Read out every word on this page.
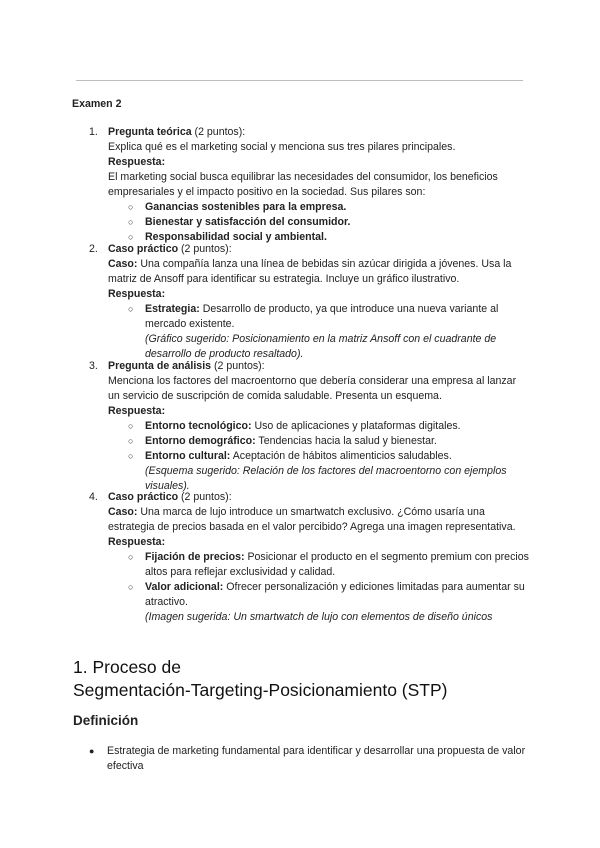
Examen 2
1. Pregunta teórica (2 puntos):
Explica qué es el marketing social y menciona sus tres pilares principales.
Respuesta:
El marketing social busca equilibrar las necesidades del consumidor, los beneficios empresariales y el impacto positivo en la sociedad. Sus pilares son:
○ Ganancias sostenibles para la empresa.
○ Bienestar y satisfacción del consumidor.
○ Responsabilidad social y ambiental.
2. Caso práctico (2 puntos):
Caso: Una compañía lanza una línea de bebidas sin azúcar dirigida a jóvenes. Usa la matriz de Ansoff para identificar su estrategia. Incluye un gráfico ilustrativo.
Respuesta:
○ Estrategia: Desarrollo de producto, ya que introduce una nueva variante al mercado existente.
(Gráfico sugerido: Posicionamiento en la matriz Ansoff con el cuadrante de desarrollo de producto resaltado).
3. Pregunta de análisis (2 puntos):
Menciona los factores del macroentorno que debería considerar una empresa al lanzar un servicio de suscripción de comida saludable. Presenta un esquema.
Respuesta:
○ Entorno tecnológico: Uso de aplicaciones y plataformas digitales.
○ Entorno demográfico: Tendencias hacia la salud y bienestar.
○ Entorno cultural: Aceptación de hábitos alimenticios saludables.
(Esquema sugerido: Relación de los factores del macroentorno con ejemplos visuales).
4. Caso práctico (2 puntos):
Caso: Una marca de lujo introduce un smartwatch exclusivo. ¿Cómo usaría una estrategia de precios basada en el valor percibido? Agrega una imagen representativa.
Respuesta:
○ Fijación de precios: Posicionar el producto en el segmento premium con precios altos para reflejar exclusividad y calidad.
○ Valor adicional: Ofrecer personalización y ediciones limitadas para aumentar su atractivo.
(Imagen sugerida: Un smartwatch de lujo con elementos de diseño únicos
1. Proceso de
Segmentación-Targeting-Posicionamiento (STP)
Definición
● Estrategia de marketing fundamental para identificar y desarrollar una propuesta de valor efectiva
